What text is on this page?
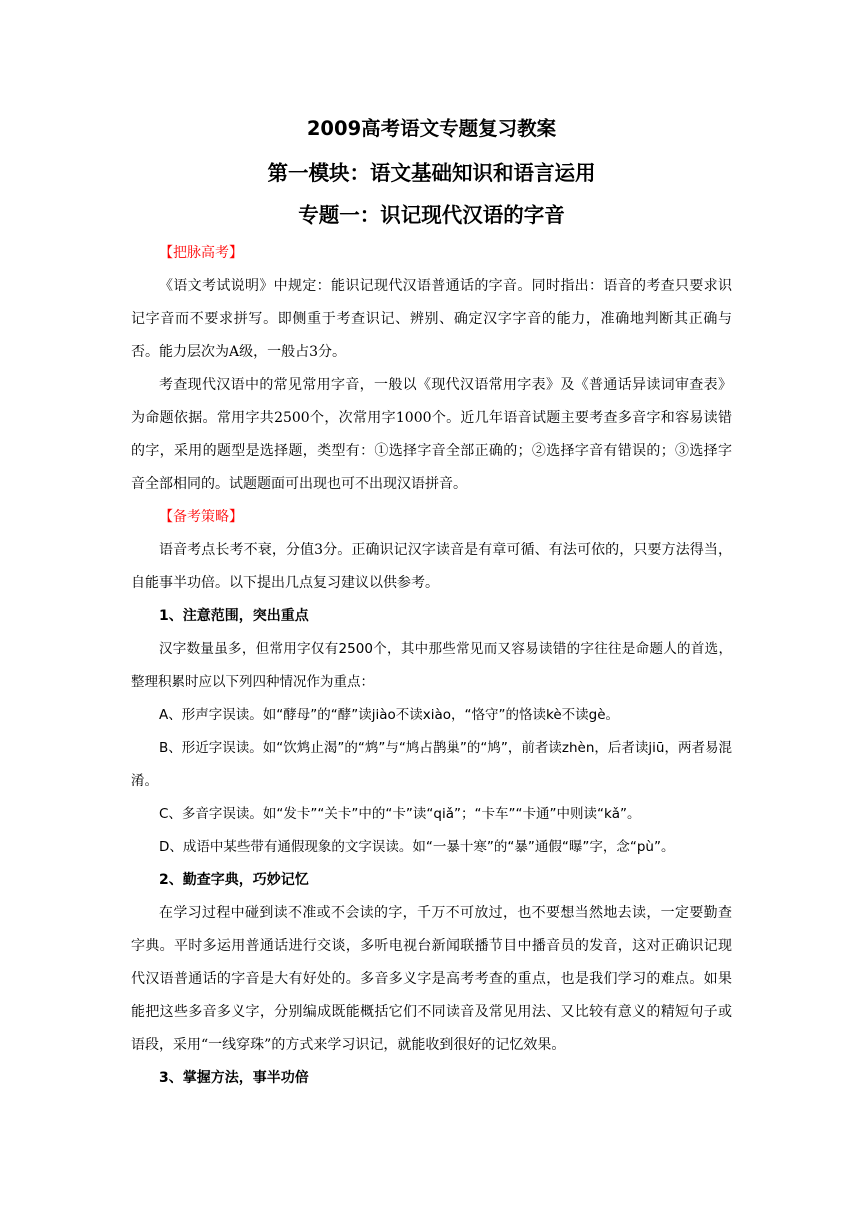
2009高考语文专题复习教案
第一模块：语文基础知识和语言运用
专题一：识记现代汉语的字音

【把脉高考】

《语文考试说明》中规定：能识记现代汉语普通话的字音。同时指出：语音的考查只要求识记字音而不要求拼写。即侧重于考查识记、辨别、确定汉字字音的能力，准确地判断其正确与否。能力层次为A级，一般占3分。

考查现代汉语中的常见常用字音，一般以《现代汉语常用字表》及《普通话异读词审查表》为命题依据。常用字共2500个，次常用字1000个。近几年语音试题主要考查多音字和容易读错的字，采用的题型是选择题，类型有：①选择字音全部正确的；②选择字音有错误的；③选择字音全部相同的。试题题面可出现也可不出现汉语拼音。

【备考策略】

语音考点长考不衰，分值3分。正确识记汉字读音是有章可循、有法可依的，只要方法得当，自能事半功倍。以下提出几点复习建议以供参考。

1、注意范围，突出重点

汉字数量虽多，但常用字仅有2500个，其中那些常见而又容易读错的字往往是命题人的首选，整理积累时应以下列四种情况作为重点：

A、形声字误读。如“酵母”的“酵”读jiào不读xiào，“恪守”的恪读kè不读gè。

B、形近字误读。如“饮鸩止渴”的“鸩”与“鸠占鹊巢”的“鸠”，前者读zhèn，后者读jiū，两者易混淆。

C、多音字误读。如“发卡”“关卡”中的“卡”读“qiǎ”；“卡车”“卡通”中则读“kǎ”。

D、成语中某些带有通假现象的文字误读。如“一暴十寒”的“暴”通假“曝”字，念“pù”。

2、勤查字典，巧妙记忆

在学习过程中碰到读不准或不会读的字，千万不可放过，也不要想当然地去读，一定要勤查字典。平时多运用普通话进行交谈，多听电视台新闻联播节目中播音员的发音，这对正确识记现代汉语普通话的字音是大有好处的。多音多义字是高考考查的重点，也是我们学习的难点。如果能把这些多音多义字，分别编成既能概括它们不同读音及常见用法、又比较有意义的精短句子或语段，采用“一线穿珠”的方式来学习识记，就能收到很好的记忆效果。

3、掌握方法，事半功倍
